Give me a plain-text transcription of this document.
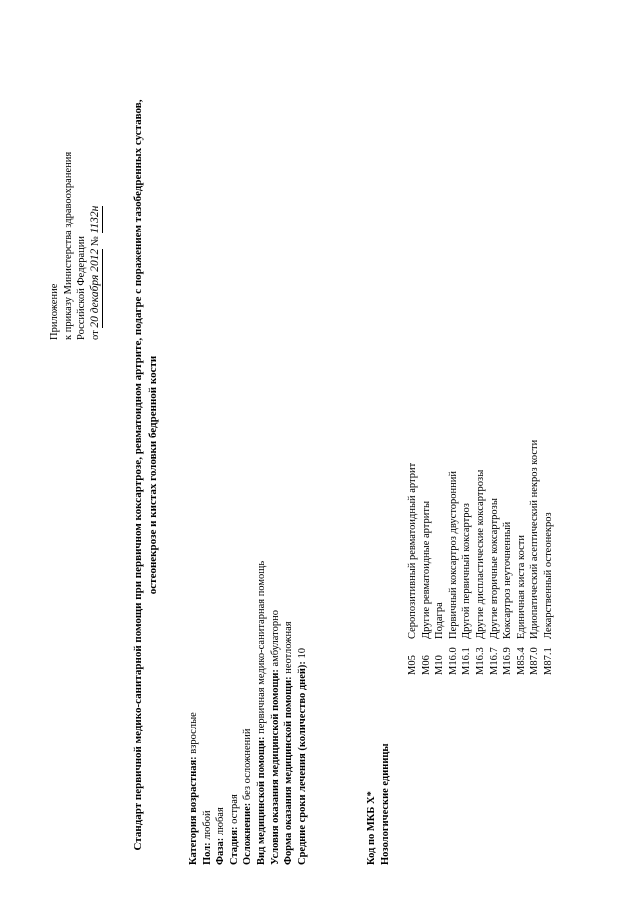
Приложение к приказу Министерства здравоохранения Российской Федерации от 20 декабря 2012 № 1132н	Стандарт первичной медико-санитарной помощи при первичном коксартрозе, ревматоидном артрите, подагре с поражением тазобедренных суставов, остеонекрозе и кистах головки бедренной кости
Категория возрастная: взрослые
Пол: любой
Фаза: любая
Стадия: острая Осложнение: без осложнений Вид медицинской помощи: первичная медико-санитарная помощь
Условия оказания медицинской помощи: амбулаторно
Форма оказания медицинской помощи: неотложная
Средние сроки лечения (количество дней): 10
Код по МКБ X* Нозологические единицы
M05
Серопозитивный ревматоидный артрит
M06
Другие ревматоидные артриты
M10
Подагра
M16.0
Первичный коксартроз двусторонний
M16.1
Другой первичный коксартроз
M16.3
Другие диспластические коксартрозы
M16.7
Другие вторичные коксартрозы
M16.9
Коксартроз неуточненный
M85.4
Единичная киста кости
M87.0
Идиопатический асептический некроз кости
M87.1
Лекарственный остеонекроз
